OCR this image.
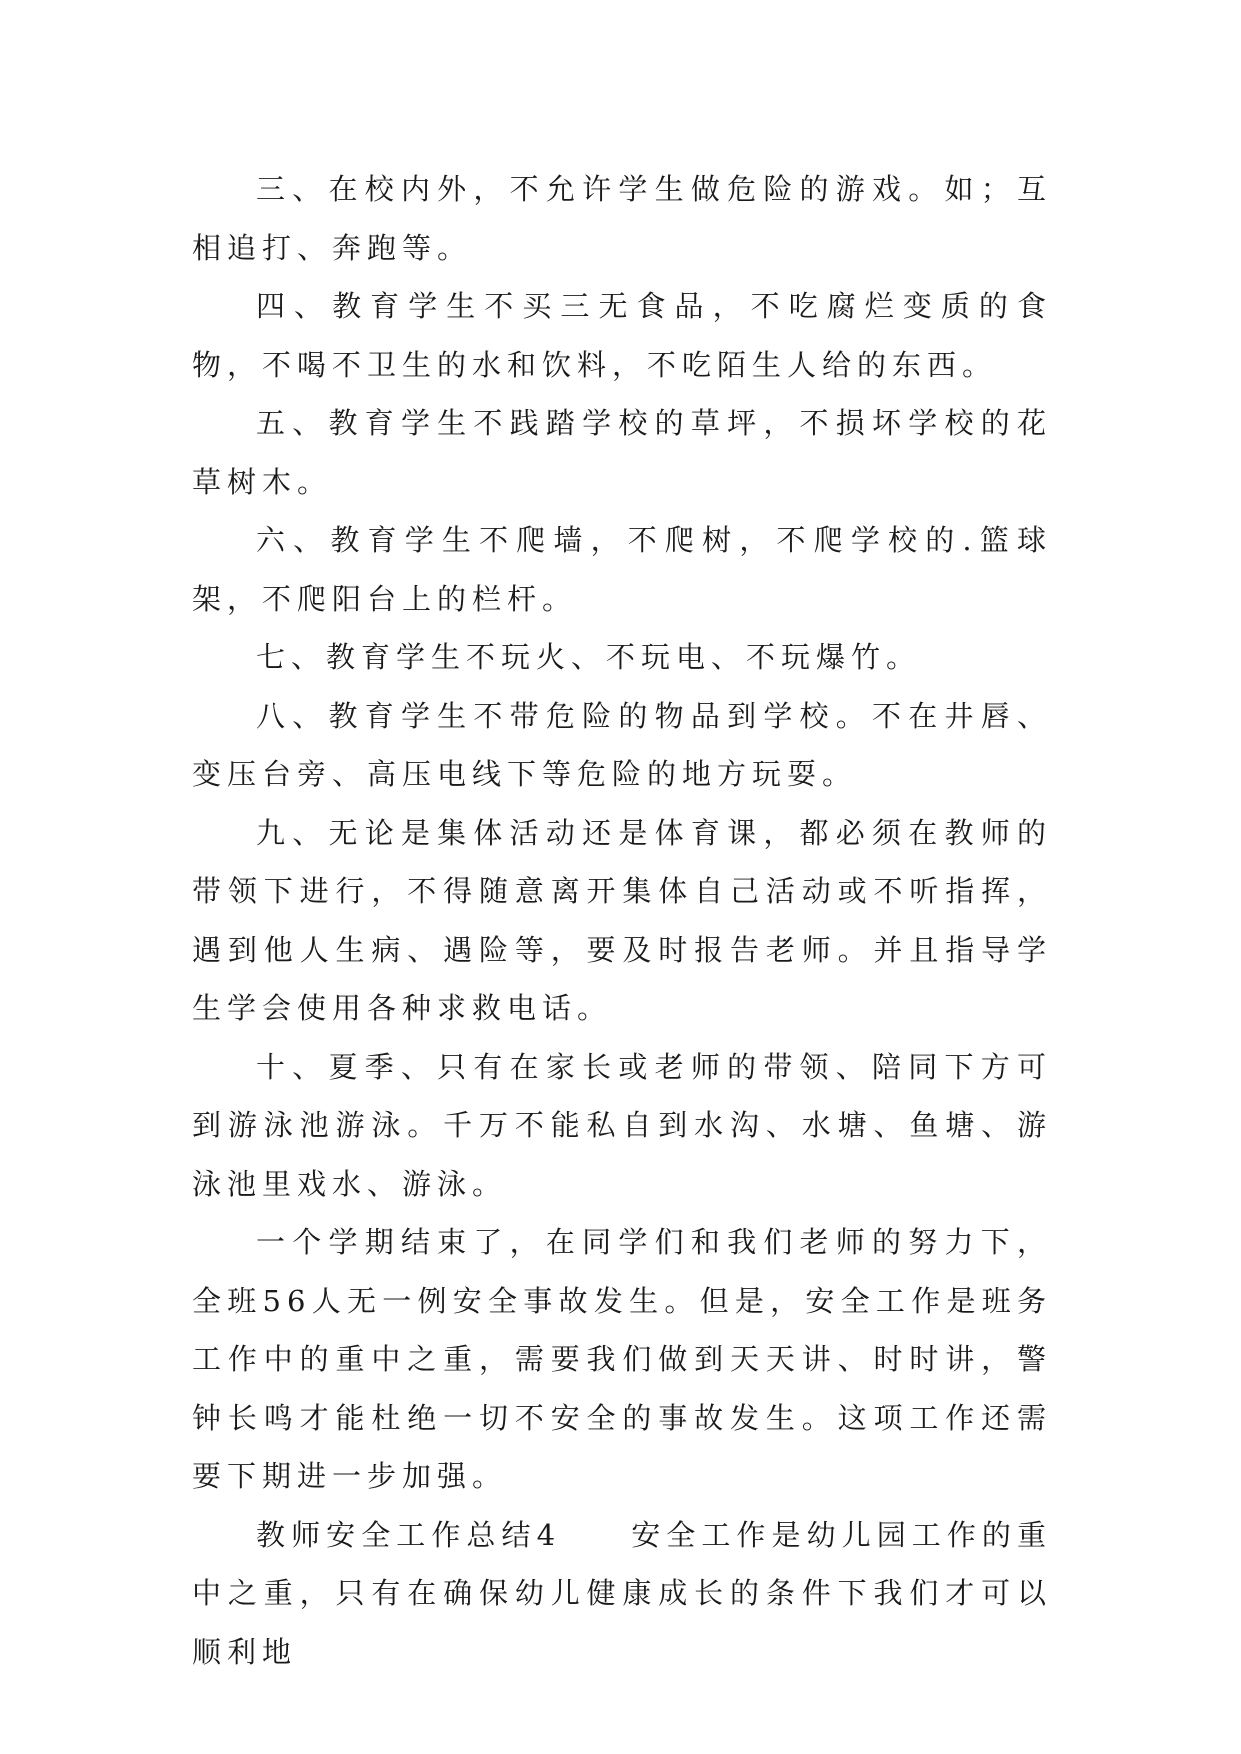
三、在校内外，不允许学生做危险的游戏。如；互相追打、奔跑等。

四、教育学生不买三无食品，不吃腐烂变质的食物，不喝不卫生的水和饮料，不吃陌生人给的东西。

五、教育学生不践踏学校的草坪，不损坏学校的花草树木。

六、教育学生不爬墙，不爬树，不爬学校的.篮球架，不爬阳台上的栏杆。

七、教育学生不玩火、不玩电、不玩爆竹。

八、教育学生不带危险的物品到学校。不在井唇、变压台旁、高压电线下等危险的地方玩耍。

九、无论是集体活动还是体育课，都必须在教师的带领下进行，不得随意离开集体自己活动或不听指挥，遇到他人生病、遇险等，要及时报告老师。并且指导学生学会使用各种求救电话。

十、夏季、只有在家长或老师的带领、陪同下方可到游泳池游泳。千万不能私自到水沟、水塘、鱼塘、游泳池里戏水、游泳。

一个学期结束了，在同学们和我们老师的努力下，全班56人无一例安全事故发生。但是，安全工作是班务工作中的重中之重，需要我们做到天天讲、时时讲，警钟长鸣才能杜绝一切不安全的事故发生。这项工作还需要下期进一步加强。

教师安全工作总结4　　安全工作是幼儿园工作的重中之重，只有在确保幼儿健康成长的条件下我们才可以顺利地
